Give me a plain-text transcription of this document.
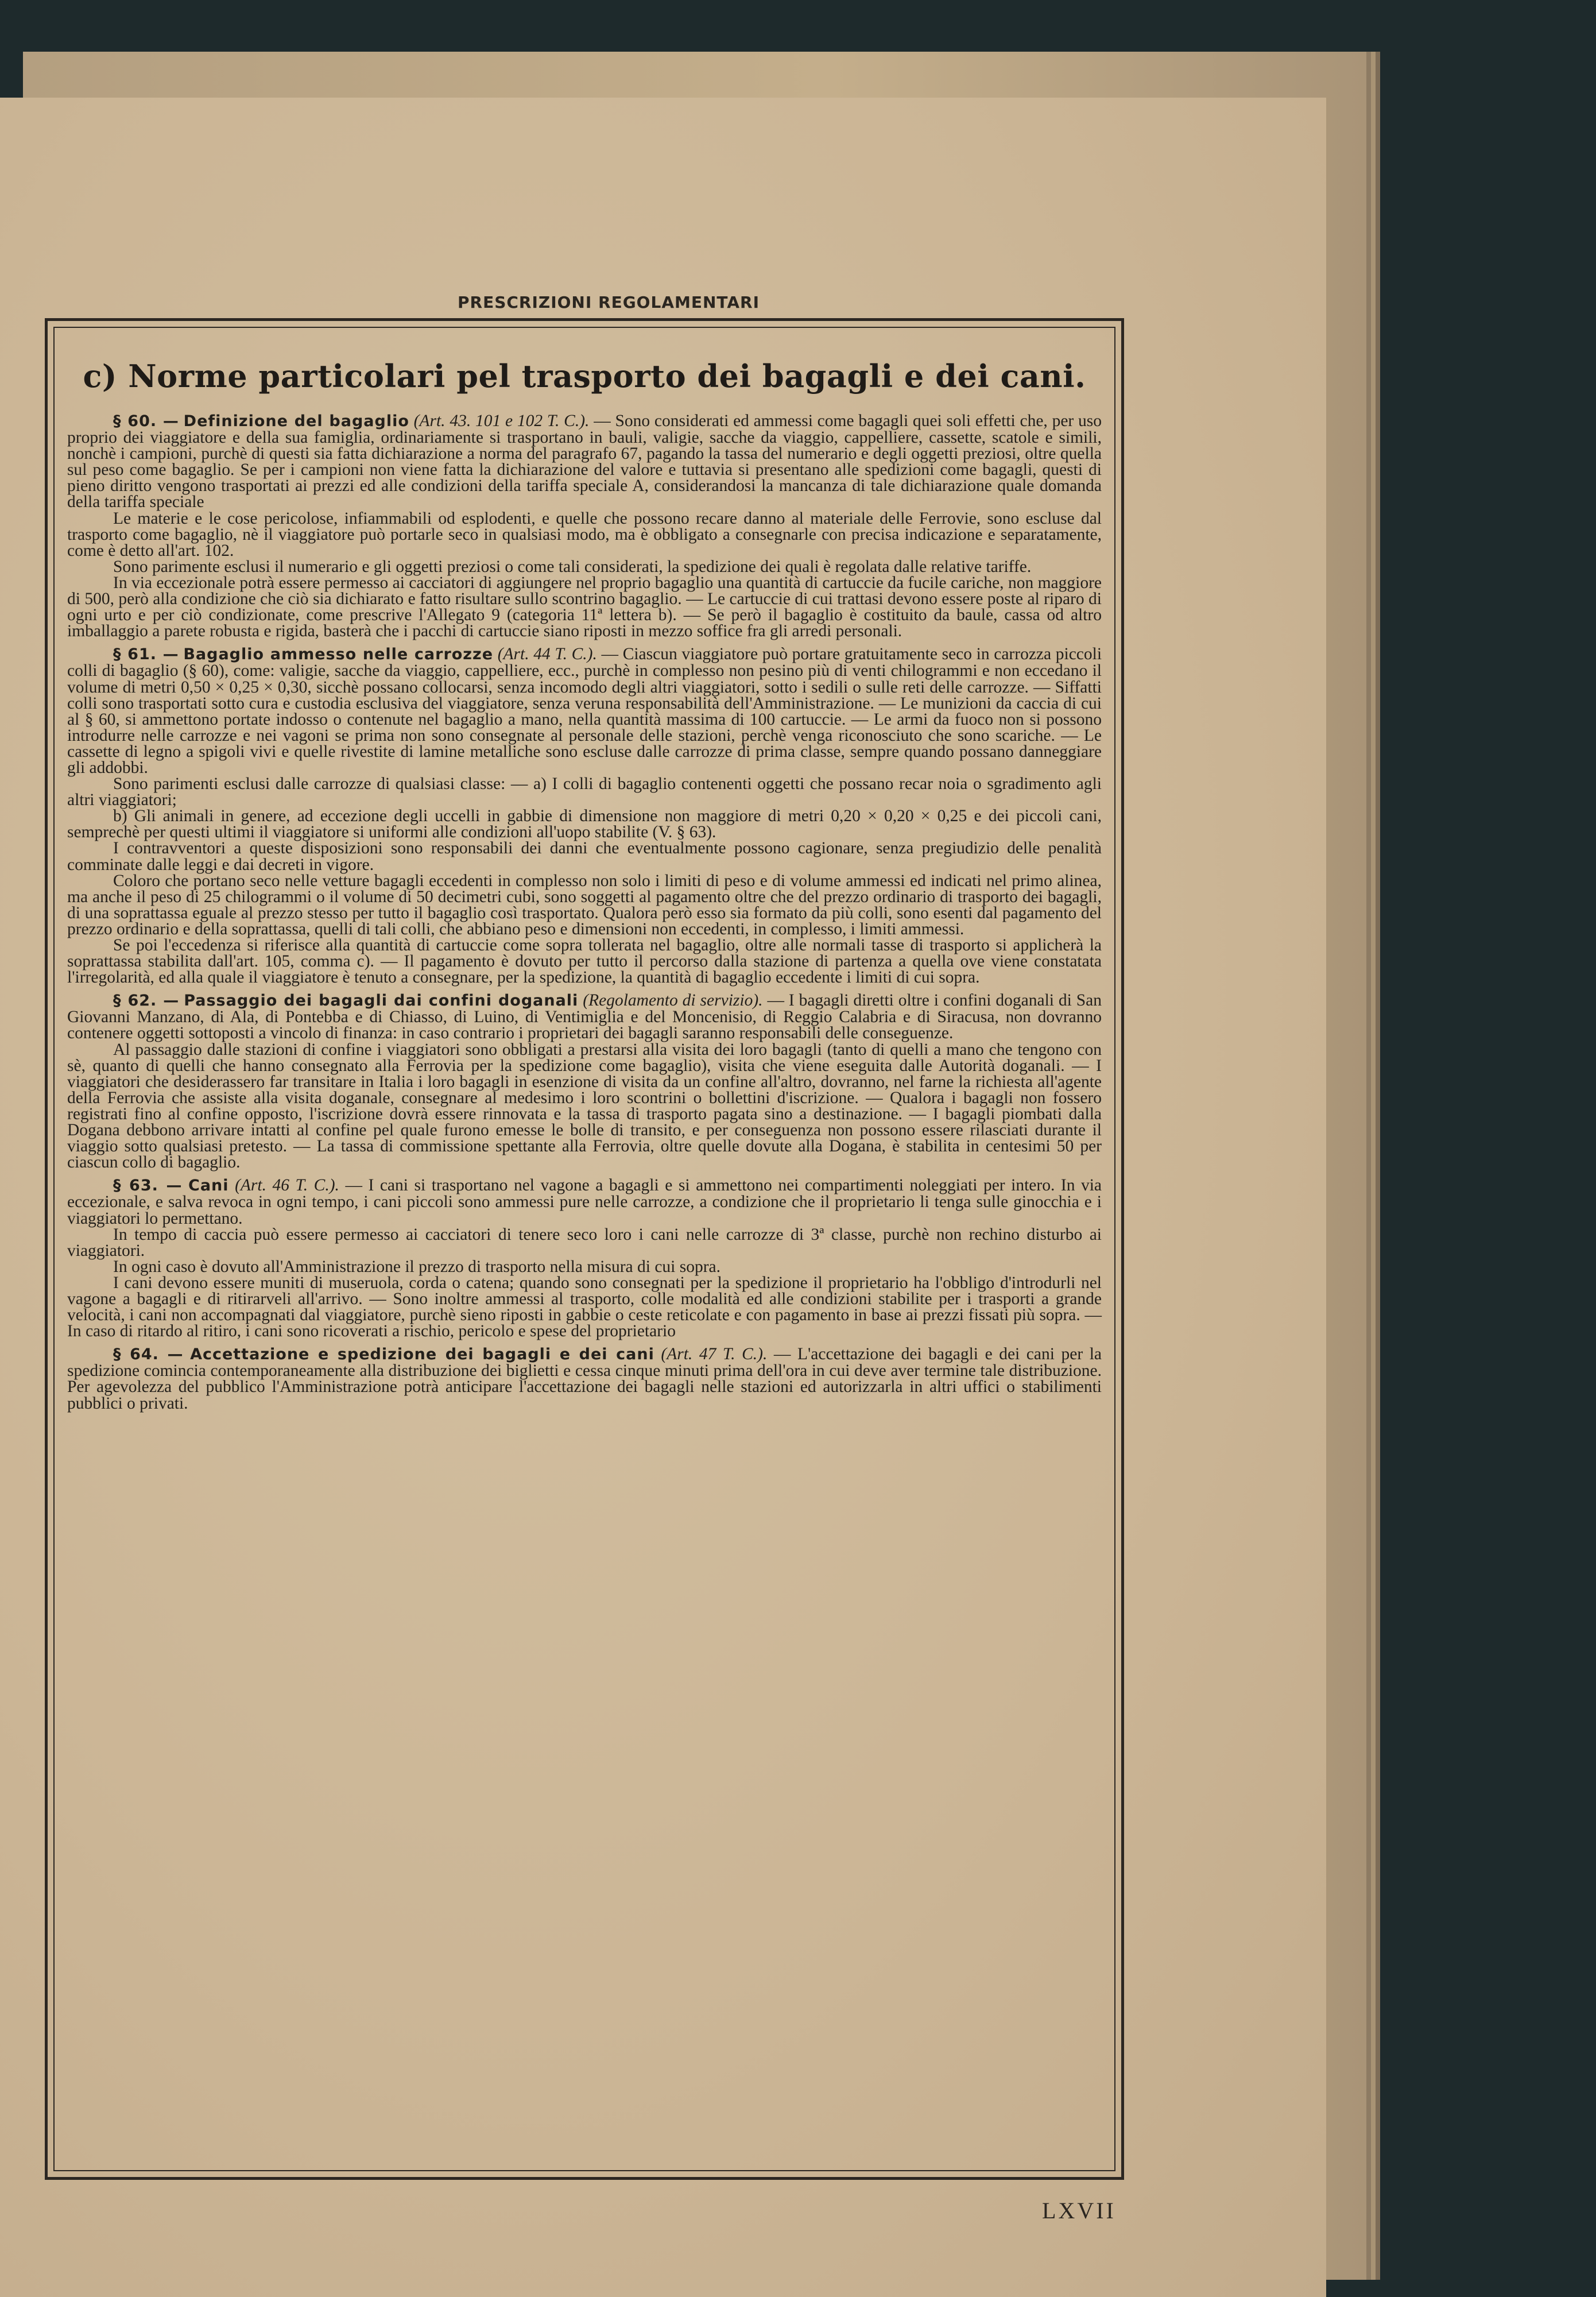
PRESCRIZIONI REGOLAMENTARI
c) Norme particolari pel trasporto dei bagagli e dei cani.

§ 60. — Definizione del bagaglio (Art. 43. 101 e 102 T. C.). — Sono considerati ed ammessi come bagagli quei soli effetti che, per uso proprio dei viaggiatore e della sua famiglia, ordinariamente si trasportano in bauli, valigie, sacche da viaggio, cappelliere, cassette, scatole e simili, nonchè i campioni, purchè di questi sia fatta dichiarazione a norma del paragrafo 67, pagando la tassa del numerario e degli oggetti preziosi, oltre quella sul peso come bagaglio. Se per i campioni non viene fatta la dichiarazione del valore e tuttavia si presentano alle spedizioni come bagagli, questi di pieno diritto vengono trasportati ai prezzi ed alle condizioni della tariffa speciale A, considerandosi la mancanza di tale dichiarazione quale domanda della tariffa speciale

Le materie e le cose pericolose, infiammabili od esplodenti, e quelle che possono recare danno al materiale delle Ferrovie, sono escluse dal trasporto come bagaglio, nè il viaggiatore può portarle seco in qualsiasi modo, ma è obbligato a consegnarle con precisa indicazione e separatamente, come è detto all'art. 102.

Sono parimente esclusi il numerario e gli oggetti preziosi o come tali considerati, la spedizione dei quali è regolata dalle relative tariffe.

In via eccezionale potrà essere permesso ai cacciatori di aggiungere nel proprio bagaglio una quantità di cartuccie da fucile cariche, non maggiore di 500, però alla condizione che ciò sia dichiarato e fatto risultare sullo scontrino bagaglio. — Le cartuccie di cui trattasi devono essere poste al riparo di ogni urto e per ciò condizionate, come prescrive l'Allegato 9 (categoria 11ª lettera b). — Se però il bagaglio è costituito da baule, cassa od altro imballaggio a parete robusta e rigida, basterà che i pacchi di cartuccie siano riposti in mezzo soffice fra gli arredi personali.

§ 61. — Bagaglio ammesso nelle carrozze (Art. 44 T. C.). — Ciascun viaggiatore può portare gratuitamente seco in carrozza piccoli colli di bagaglio (§ 60), come: valigie, sacche da viaggio, cappelliere, ecc., purchè in complesso non pesino più di venti chilogrammi e non eccedano il volume di metri 0,50 × 0,25 × 0,30, sicchè possano collocarsi, senza incomodo degli altri viaggiatori, sotto i sedili o sulle reti delle carrozze. — Siffatti colli sono trasportati sotto cura e custodia esclusiva del viaggiatore, senza veruna responsabilità dell'Amministrazione. — Le munizioni da caccia di cui al § 60, si ammettono portate indosso o contenute nel bagaglio a mano, nella quantità massima di 100 cartuccie. — Le armi da fuoco non si possono introdurre nelle carrozze e nei vagoni se prima non sono consegnate al personale delle stazioni, perchè venga riconosciuto che sono scariche. — Le cassette di legno a spigoli vivi e quelle rivestite di lamine metalliche sono escluse dalle carrozze di prima classe, sempre quando possano danneggiare gli addobbi.

Sono parimenti esclusi dalle carrozze di qualsiasi classe: — a) I colli di bagaglio contenenti oggetti che possano recar noia o sgradimento agli altri viaggiatori;

b) Gli animali in genere, ad eccezione degli uccelli in gabbie di dimensione non maggiore di metri 0,20 × 0,20 × 0,25 e dei piccoli cani, semprechè per questi ultimi il viaggiatore si uniformi alle condizioni all'uopo stabilite (V. § 63).

I contravventori a queste disposizioni sono responsabili dei danni che eventualmente possono cagionare, senza pregiudizio delle penalità comminate dalle leggi e dai decreti in vigore.

Coloro che portano seco nelle vetture bagagli eccedenti in complesso non solo i limiti di peso e di volume ammessi ed indicati nel primo alinea, ma anche il peso di 25 chilogrammi o il volume di 50 decimetri cubi, sono soggetti al pagamento oltre che del prezzo ordinario di trasporto dei bagagli, di una soprattassa eguale al prezzo stesso per tutto il bagaglio così trasportato. Qualora però esso sia formato da più colli, sono esenti dal pagamento del prezzo ordinario e della soprattassa, quelli di tali colli, che abbiano peso e dimensioni non eccedenti, in complesso, i limiti ammessi.

Se poi l'eccedenza si riferisce alla quantità di cartuccie come sopra tollerata nel bagaglio, oltre alle normali tasse di trasporto si applicherà la soprattassa stabilita dall'art. 105, comma c). — Il pagamento è dovuto per tutto il percorso dalla stazione di partenza a quella ove viene constatata l'irregolarità, ed alla quale il viaggiatore è tenuto a consegnare, per la spedizione, la quantità di bagaglio eccedente i limiti di cui sopra.

§ 62. — Passaggio dei bagagli dai confini doganali (Regolamento di servizio). — I bagagli diretti oltre i confini doganali di San Giovanni Manzano, di Ala, di Pontebba e di Chiasso, di Luino, di Ventimiglia e del Moncenisio, di Reggio Calabria e di Siracusa, non dovranno contenere oggetti sottoposti a vincolo di finanza: in caso contrario i proprietari dei bagagli saranno responsabili delle conseguenze.

Al passaggio dalle stazioni di confine i viaggiatori sono obbligati a prestarsi alla visita dei loro bagagli (tanto di quelli a mano che tengono con sè, quanto di quelli che hanno consegnato alla Ferrovia per la spedizione come bagaglio), visita che viene eseguita dalle Autorità doganali. — I viaggiatori che desiderassero far transitare in Italia i loro bagagli in esenzione di visita da un confine all'altro, dovranno, nel farne la richiesta all'agente della Ferrovia che assiste alla visita doganale, consegnare al medesimo i loro scontrini o bollettini d'iscrizione. — Qualora i bagagli non fossero registrati fino al confine opposto, l'iscrizione dovrà essere rinnovata e la tassa di trasporto pagata sino a destinazione. — I bagagli piombati dalla Dogana debbono arrivare intatti al confine pel quale furono emesse le bolle di transito, e per conseguenza non possono essere rilasciati durante il viaggio sotto qualsiasi pretesto. — La tassa di commissione spettante alla Ferrovia, oltre quelle dovute alla Dogana, è stabilita in centesimi 50 per ciascun collo di bagaglio.

§ 63. — Cani (Art. 46 T. C.). — I cani si trasportano nel vagone a bagagli e si ammettono nei compartimenti noleggiati per intero. In via eccezionale, e salva revoca in ogni tempo, i cani piccoli sono ammessi pure nelle carrozze, a condizione che il proprietario li tenga sulle ginocchia e i viaggiatori lo permettano.

In tempo di caccia può essere permesso ai cacciatori di tenere seco loro i cani nelle carrozze di 3ª classe, purchè non rechino disturbo ai viaggiatori.

In ogni caso è dovuto all'Amministrazione il prezzo di trasporto nella misura di cui sopra.

I cani devono essere muniti di museruola, corda o catena; quando sono consegnati per la spedizione il proprietario ha l'obbligo d'introdurli nel vagone a bagagli e di ritirarveli all'arrivo. — Sono inoltre ammessi al trasporto, colle modalità ed alle condizioni stabilite per i trasporti a grande velocità, i cani non accompagnati dal viaggiatore, purchè sieno riposti in gabbie o ceste reticolate e con pagamento in base ai prezzi fissati più sopra. — In caso di ritardo al ritiro, i cani sono ricoverati a rischio, pericolo e spese del proprietario

§ 64. — Accettazione e spedizione dei bagagli e dei cani (Art. 47 T. C.). — L'accettazione dei bagagli e dei cani per la spedizione comincia contemporaneamente alla distribuzione dei biglietti e cessa cinque minuti prima dell'ora in cui deve aver termine tale distribuzione. Per agevolezza del pubblico l'Amministrazione potrà anticipare l'accettazione dei bagagli nelle stazioni ed autorizzarla in altri uffici o stabilimenti pubblici o privati.

LXVII
